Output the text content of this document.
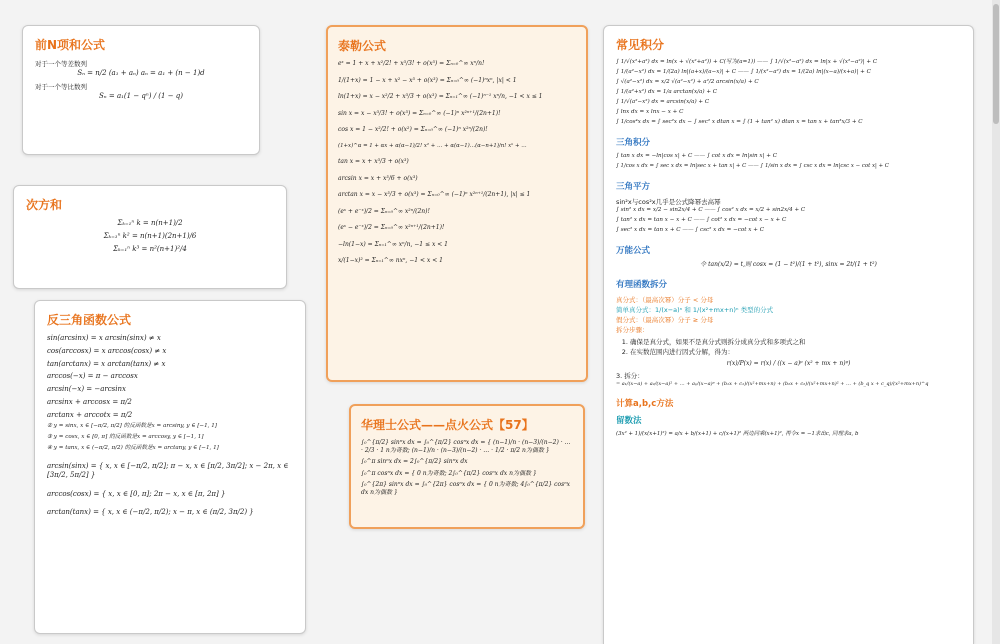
前N项和公式
对于一个等差数列
Sₙ = n/2 (a₁ + aₙ) aₙ = a₁ + (n − 1)d
对于一个等比数列
Sₙ = a₁(1 − qⁿ) / (1 − q)
次方和
Σₖ₌₁ⁿ k = n(n+1)/2
Σₖ₌₁ⁿ k² = n(n+1)(2n+1)/6
Σₖ₌₁ⁿ k³ = n²(n+1)²/4
反三角函数公式
sin(arcsinx) = x arcsin(sinx) ≠ x
cos(arccosx) = x arccos(cosx) ≠ x
tan(arctanx) = x arctan(tanx) ≠ x
arccos(−x) = π − arccosx
arcsin(−x) = −arcsinx
arcsinx + arccosx = π/2
arctanx + arccotx = π/2
② y = sinx, x ∈ [−π/2, π/2] 的反函数是x = arcsiny, y ∈ [−1, 1]
③ y = cosx, x ∈ [0, π] 的反函数是x = arccosy, y ∈ [−1, 1]
④ y = tanx, x ∈ (−π/2, π/2) 的反函数是x = arctany, y ∈ [−1, 1]
arcsin(sinx) = { x, x ∈ [−π/2, π/2]; π − x, x ∈ [π/2, 3π/2]; x − 2π, x ∈ [3π/2, 5π/2] }
arccos(cosx) = { x, x ∈ [0, π]; 2π − x, x ∈ [π, 2π] }
arctan(tanx) = { x, x ∈ (−π/2, π/2); x − π, x ∈ (π/2, 3π/2) }
泰勒公式
eˣ = 1 + x + x²/2! + x³/3! + o(x³) = Σₙ₌₀^∞ xⁿ/n!
1/(1+x) = 1 − x + x² − x³ + o(x³) = Σₙ₌₀^∞ (−1)ⁿxⁿ, |x| < 1
ln(1+x) = x − x²/2 + x³/3 + o(x³) = Σₙ₌₁^∞ (−1)ⁿ⁻¹ xⁿ/n, −1 < x ≤ 1
sin x = x − x³/3! + o(x³) = Σₙ₌₀^∞ (−1)ⁿ x²ⁿ⁺¹/(2n+1)!
cos x = 1 − x²/2! + o(x²) = Σₙ₌₀^∞ (−1)ⁿ x²ⁿ/(2n)!
(1+x)^α = 1 + αx + α(α−1)/2! x² + … + α(α−1)…(α−n+1)/n! xⁿ + …
tan x = x + x³/3 + o(x³)
arcsin x = x + x³/6 + o(x³)
arctan x = x − x³/3 + o(x³) = Σₙ₌₀^∞ (−1)ⁿ x²ⁿ⁺¹/(2n+1), |x| ≤ 1
(eˣ + e⁻ˣ)/2 = Σₙ₌₀^∞ x²ⁿ/(2n)!
(eˣ − e⁻ˣ)/2 = Σₙ₌₀^∞ x²ⁿ⁺¹/(2n+1)!
−ln(1−x) = Σₙ₌₁^∞ xⁿ/n, −1 ≤ x < 1
x/(1−x)² = Σₙ₌₁^∞ nxⁿ, −1 < x < 1
华理士公式——点火公式【57】
∫₀^{π/2} sinⁿx dx = ∫₀^{π/2} cosⁿx dx = { (n−1)/n · (n−3)/(n−2) · … · 2/3 · 1 n为奇数; (n−1)/n · (n−3)/(n−2) · … · 1/2 · π/2 n为偶数 }
∫₀^π sinⁿx dx = 2∫₀^{π/2} sinⁿx dx
∫₀^π cosⁿx dx = { 0 n为奇数; 2∫₀^{π/2} cosⁿx dx n为偶数 }
∫₀^{2π} sinⁿx dx = ∫₀^{2π} cosⁿx dx = { 0 n为奇数; 4∫₀^{π/2} cosⁿx dx n为偶数 }
常见积分
∫ 1/√(x²+a²) dx = ln(x + √(x²+a²)) + C(写为(a=1)) —— ∫ 1/√(x²−a²) dx = ln|x + √(x²−a²)| + C
∫ 1/(a²−x²) dx = 1/(2a) ln|(a+x)/(a−x)| + C —— ∫ 1/(x²−a²) dx = 1/(2a) ln|(x−a)/(x+a)| + C
∫ √(a²−x²) dx = x/2 √(a²−x²) + a²/2 arcsin(x/a) + C
∫ 1/(a²+x²) dx = 1/a arctan(x/a) + C
∫ 1/√(a²−x²) dx = arcsin(x/a) + C
∫ lnx dx = x lnx − x + C
∫ 1/cos⁴x dx = ∫ sec²x dx − ∫ sec² x dtan x = ∫ (1 + tan² x) dtan x = tan x + tan³x/3 + C
三角积分
∫ tan x dx = −ln|cos x| + C —— ∫ cot x dx = ln|sin x| + C
∫ 1/cos x dx = ∫ sec x dx = ln|sec x + tan x| + C —— ∫ 1/sin x dx = ∫ csc x dx = ln|csc x − cot x| + C
三角平方
sin²x与cos²x几乎是公式降幂去高幂
∫ sin² x dx = x/2 − sin2x/4 + C —— ∫ cos² x dx = x/2 + sin2x/4 + C
∫ tan² x dx = tan x − x + C —— ∫ cot² x dx = −cot x − x + C
∫ sec² x dx = tan x + C —— ∫ csc² x dx = −cot x + C
万能公式
令 tan(x/2) = t,则 cosx = (1 − t²)/(1 + t²), sinx = 2t/(1 + t²)
有理函数拆分
真分式：（最高次幂）分子 < 分母
简单真分式：1/(x−a)ⁿ 和 1/(x²+mx+n)ⁿ 类型的分式
假分式：（最高次幂）分子 ≥ 分母
拆分步骤：
1. 确保是真分式，如果不是真分式则拆分成真分式和多项式之和
2. 在实数范围内进行因式分解，得为：
r(x)/P(x) = r(x) / ((x − a)ᵖ (x² + mx + n)ᵍ)
3. 拆分：
= a₁/(x−a) + a₂/(x−a)² + … + aₚ/(x−a)ᵖ + (b₁x + c₁)/(x²+mx+n) + (b₂x + c₂)/(x²+mx+n)² + … + (b_q x + c_q)/(x²+mx+n)^q
计算a,b,c方法
留数法
(3x² + 1)/(x(x+1)²) = a/x + b/(x+1) + c/(x+1)² 两边同乘(x+1)², 再令x = −1求出c, 同理求a, b
